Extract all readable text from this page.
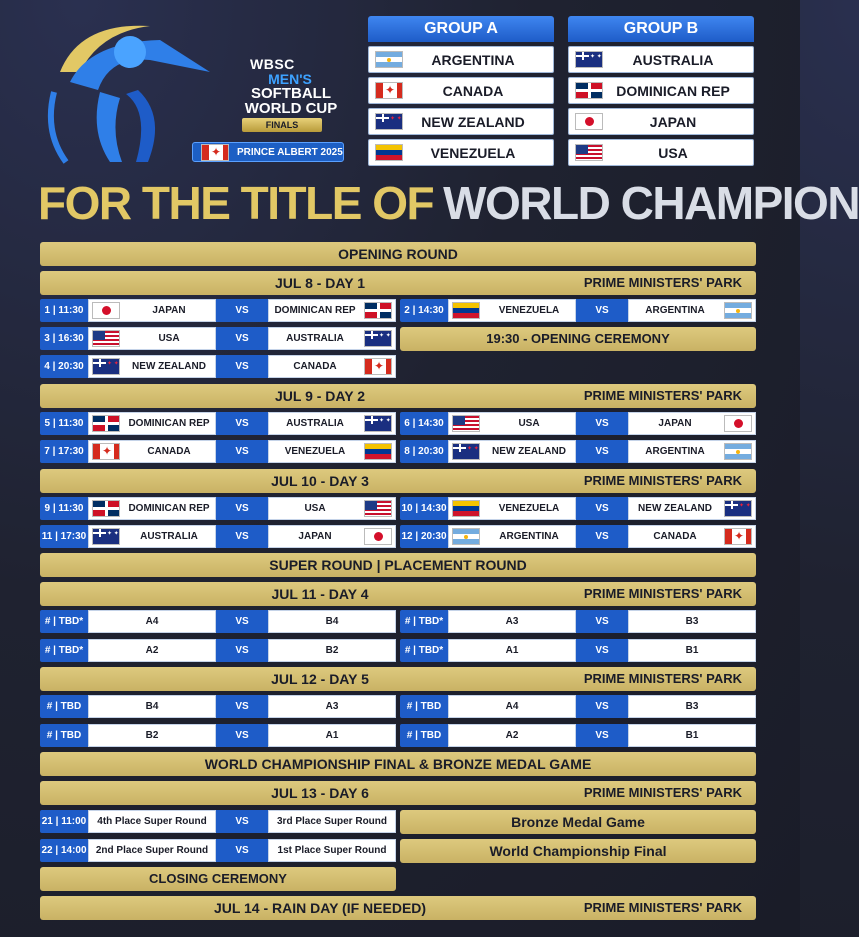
WBSC
MEN'S
SOFTBALL
WORLD CUP
FINALS
✦
PRINCE ALBERT 2025
GROUP A
ARGENTINA
✦
CANADA
✦ ✦
NEW ZEALAND
VENEZUELA
GROUP B
✦ ✦
AUSTRALIA
DOMINICAN REP
JAPAN
USA
FOR THE TITLE OF WORLD CHAMPION
OPENING ROUND
JUL 8 - DAY 1	PRIME MINISTERS' PARK
1 | 11:30	JAPAN	VS	DOMINICAN REP	2 | 14:30	VENEZUELA	VS	ARGENTINA
3 | 16:30	USA	VS	AUSTRALIA ✦ ✦	19:30 - OPENING CEREMONY
4 | 20:30 ✦ ✦	NEW ZEALAND	VS	CANADA
✦
JUL 9 - DAY 2	PRIME MINISTERS' PARK
5 | 11:30	DOMINICAN REP	VS	AUSTRALIA ✦ ✦	6 | 14:30	USA	VS	JAPAN
7 | 17:30 ✦	CANADA	VS	VENEZUELA	8 | 20:30 ✦ ✦	NEW ZEALAND	VS	ARGENTINA
JUL 10 - DAY 3	PRIME MINISTERS' PARK
9 | 11:30	DOMINICAN REP	VS	USA	10 | 14:30	VENEZUELA	VS	NEW ZEALAND
✦ ✦
11 | 17:30 ✦ ✦	AUSTRALIA	VS	JAPAN	12 | 20:30	ARGENTINA	VS	CANADA
✦
SUPER ROUND | PLACEMENT ROUND
JUL 11 - DAY 4	PRIME MINISTERS' PARK
# | TBD*	A4	VS	B4	# | TBD*	A3	VS	B3
# | TBD*	A2	VS	B2	# | TBD*	A1	VS	B1
JUL 12 - DAY 5	PRIME MINISTERS' PARK
# | TBD	B4	VS	A3	# | TBD	A4	VS	B3
# | TBD	B2	VS	A1	# | TBD	A2	VS	B1
WORLD CHAMPIONSHIP FINAL & BRONZE MEDAL GAME
JUL 13 - DAY 6	PRIME MINISTERS' PARK
21 | 11:00	4th Place Super Round	VS	3rd Place Super Round	Bronze Medal Game
22 | 14:00 2nd Place Super Round	VS	1st Place Super Round	World Championship Final
CLOSING CEREMONY
JUL 14 - RAIN DAY (IF NEEDED)	PRIME MINISTERS' PARK
